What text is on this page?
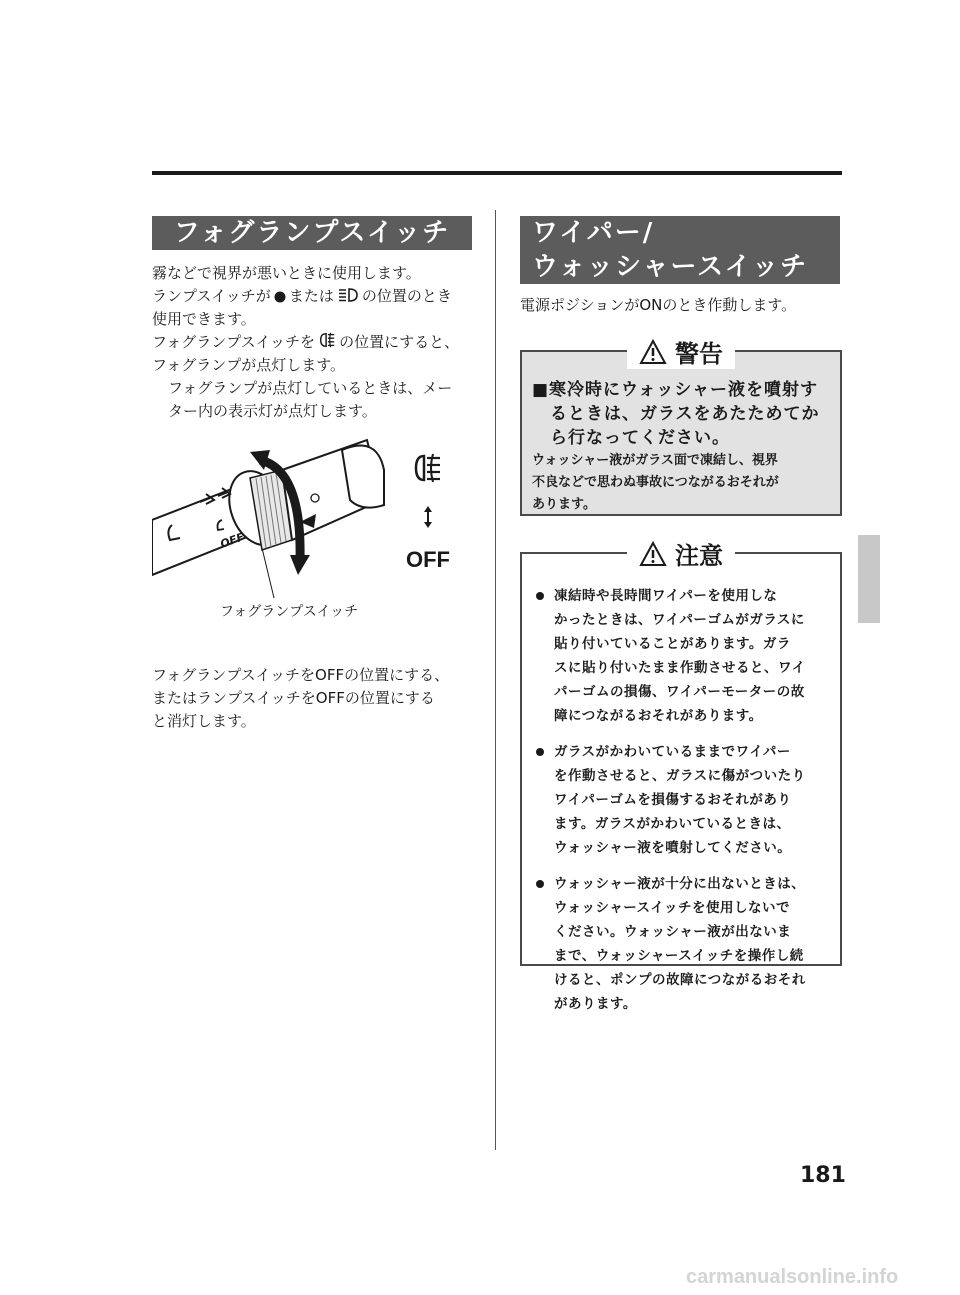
フォグランプスイッチ

霧などで視界が悪いときに使用します。

ランプスイッチが または の位置のとき

使用できます。

フォグランプスイッチを の位置にすると、

フォグランプが点灯します。

フォグランプが点灯しているときは、メー

ター内の表示灯が点灯します。

OFF
OFF
フォグランプスイッチ

フォグランプスイッチをOFFの位置にする、

またはランプスイッチをOFFの位置にする

と消灯します。

ワイパー/
ウォッシャースイッチ

電源ポジションがONのとき作動します。

警告

■寒冷時にウォッシャー液を噴射す

るときは、ガラスをあたためてか

ら行なってください。

ウォッシャー液がガラス面で凍結し、視界

不良などで思わぬ事故につながるおそれが

あります。

注意

凍結時や長時間ワイパーを使用しな

かったときは、ワイパーゴムがガラスに

貼り付いていることがあります。ガラ

スに貼り付いたまま作動させると、ワイ

パーゴムの損傷、ワイパーモーターの故

障につながるおそれがあります。

ガラスがかわいているままでワイパー

を作動させると、ガラスに傷がついたり

ワイパーゴムを損傷するおそれがあり

ます。ガラスがかわいているときは、

ウォッシャー液を噴射してください。

ウォッシャー液が十分に出ないときは、

ウォッシャースイッチを使用しないで

ください。ウォッシャー液が出ないま

まで、ウォッシャースイッチを操作し続

けると、ポンプの故障につながるおそれ

があります。

181
carmanualsonline.info
